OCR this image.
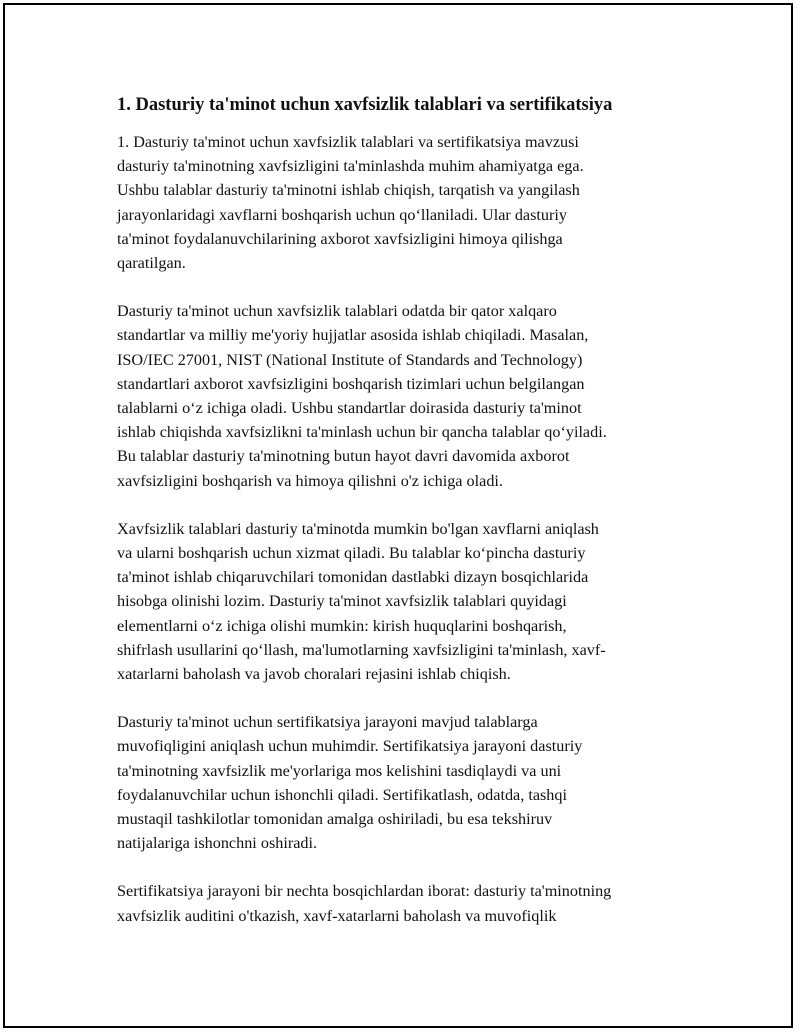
1. Dasturiy ta'minot uchun xavfsizlik talablari va sertifikatsiya

1. Dasturiy ta'minot uchun xavfsizlik talablari va sertifikatsiya mavzusi
dasturiy ta'minotning xavfsizligini ta'minlashda muhim ahamiyatga ega.
Ushbu talablar dasturiy ta'minotni ishlab chiqish, tarqatish va yangilash
jarayonlaridagi xavflarni boshqarish uchun qo‘llaniladi. Ular dasturiy
ta'minot foydalanuvchilarining axborot xavfsizligini himoya qilishga
qaratilgan.

Dasturiy ta'minot uchun xavfsizlik talablari odatda bir qator xalqaro
standartlar va milliy me'yoriy hujjatlar asosida ishlab chiqiladi. Masalan,
ISO/IEC 27001, NIST (National Institute of Standards and Technology)
standartlari axborot xavfsizligini boshqarish tizimlari uchun belgilangan
talablarni o‘z ichiga oladi. Ushbu standartlar doirasida dasturiy ta'minot
ishlab chiqishda xavfsizlikni ta'minlash uchun bir qancha talablar qo‘yiladi.
Bu talablar dasturiy ta'minotning butun hayot davri davomida axborot
xavfsizligini boshqarish va himoya qilishni o'z ichiga oladi.

Xavfsizlik talablari dasturiy ta'minotda mumkin bo'lgan xavflarni aniqlash
va ularni boshqarish uchun xizmat qiladi. Bu talablar ko‘pincha dasturiy
ta'minot ishlab chiqaruvchilari tomonidan dastlabki dizayn bosqichlarida
hisobga olinishi lozim. Dasturiy ta'minot xavfsizlik talablari quyidagi
elementlarni o‘z ichiga olishi mumkin: kirish huquqlarini boshqarish,
shifrlash usullarini qo‘llash, ma'lumotlarning xavfsizligini ta'minlash, xavf-
xatarlarni baholash va javob choralari rejasini ishlab chiqish.

Dasturiy ta'minot uchun sertifikatsiya jarayoni mavjud talablarga
muvofiqligini aniqlash uchun muhimdir. Sertifikatsiya jarayoni dasturiy
ta'minotning xavfsizlik me'yorlariga mos kelishini tasdiqlaydi va uni
foydalanuvchilar uchun ishonchli qiladi. Sertifikatlash, odatda, tashqi
mustaqil tashkilotlar tomonidan amalga oshiriladi, bu esa tekshiruv
natijalariga ishonchni oshiradi.

Sertifikatsiya jarayoni bir nechta bosqichlardan iborat: dasturiy ta'minotning
xavfsizlik auditini o'tkazish, xavf-xatarlarni baholash va muvofiqlik
